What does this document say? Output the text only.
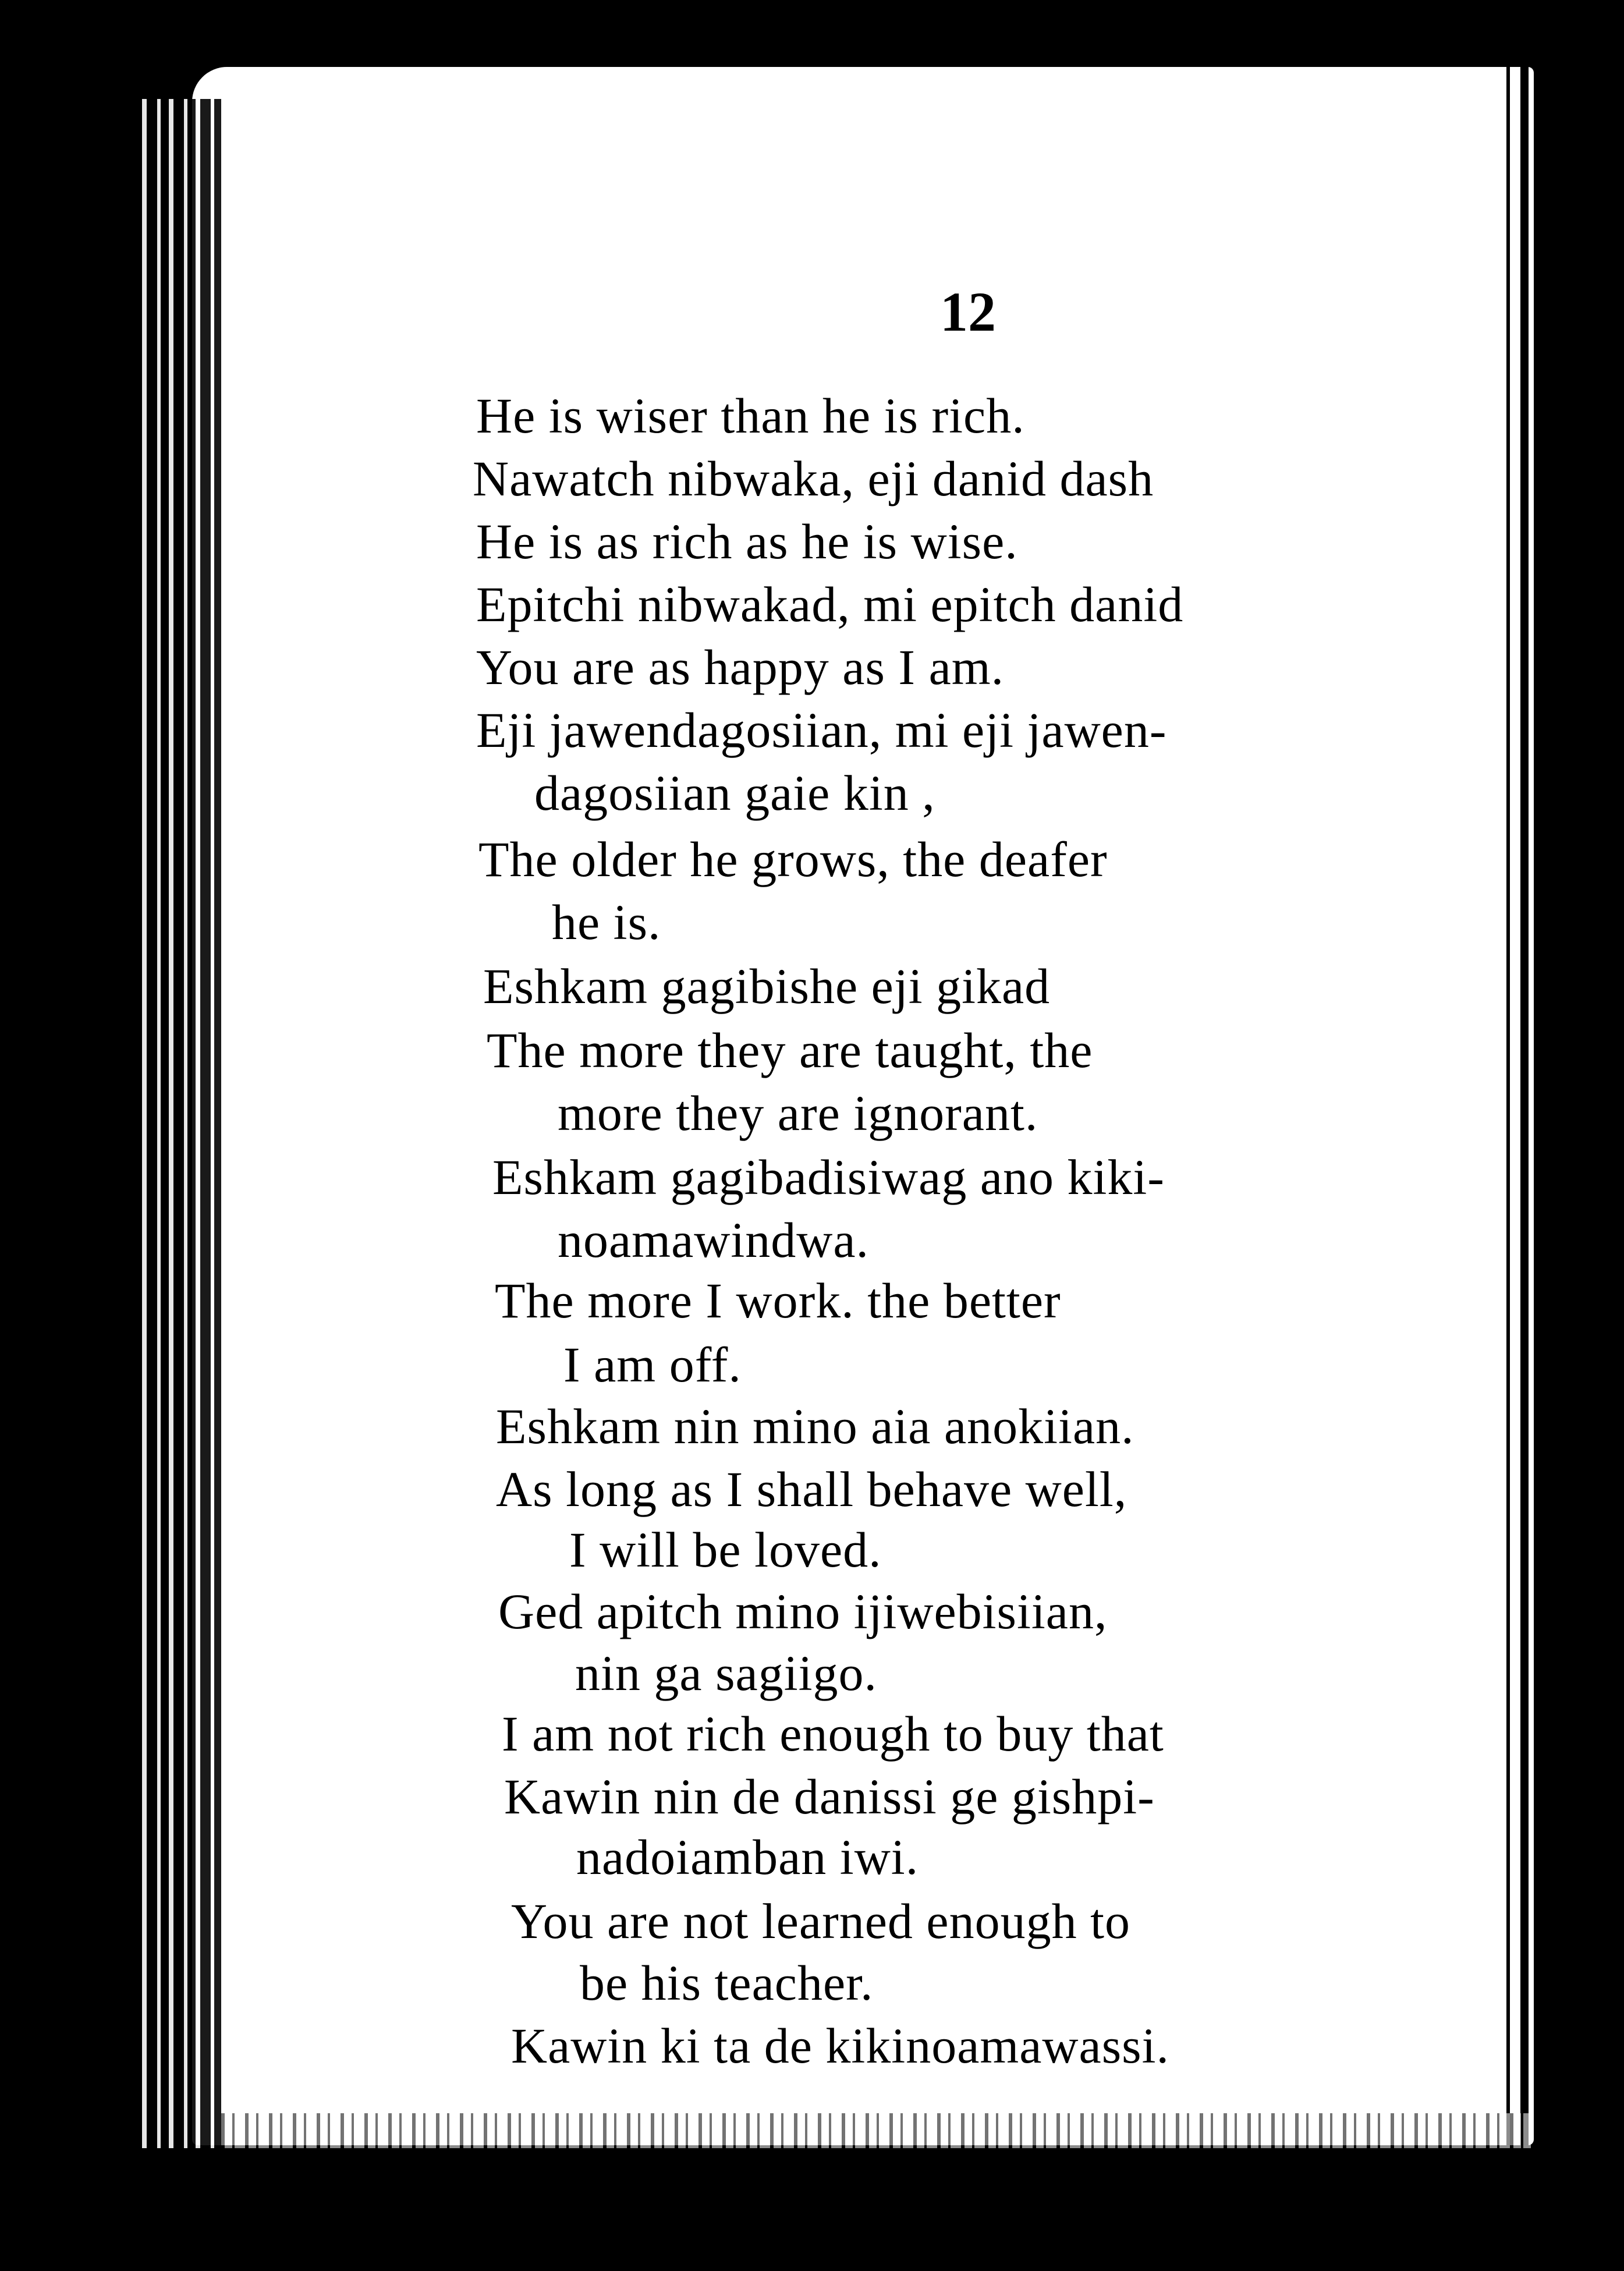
12

He is wiser than he is rich.
Nawatch nibwaka, eji danid dash
He is as rich as he is wise.
Epitchi nibwakad, mi epitch danid
You are as happy as I am.
Eji jawendagosiian, mi eji jawen-
dagosiian gaie kin ,
The older he grows, the deafer
he is.
Eshkam gagibishe eji gikad
The more they are taught, the
more they are ignorant.
Eshkam gagibadisiwag ano kiki-
noamawindwa.
The more I work. the better
I am off.
Eshkam nin mino aia anokiian.
As long as I shall behave well,
I will be loved.
Ged apitch mino ijiwebisiian,
nin ga sagiigo.
I am not rich enough to buy that
Kawin nin de danissi ge gishpi-
nadoiamban iwi.
You are not learned enough to
be his teacher.
Kawin ki ta de kikinoamawassi.
